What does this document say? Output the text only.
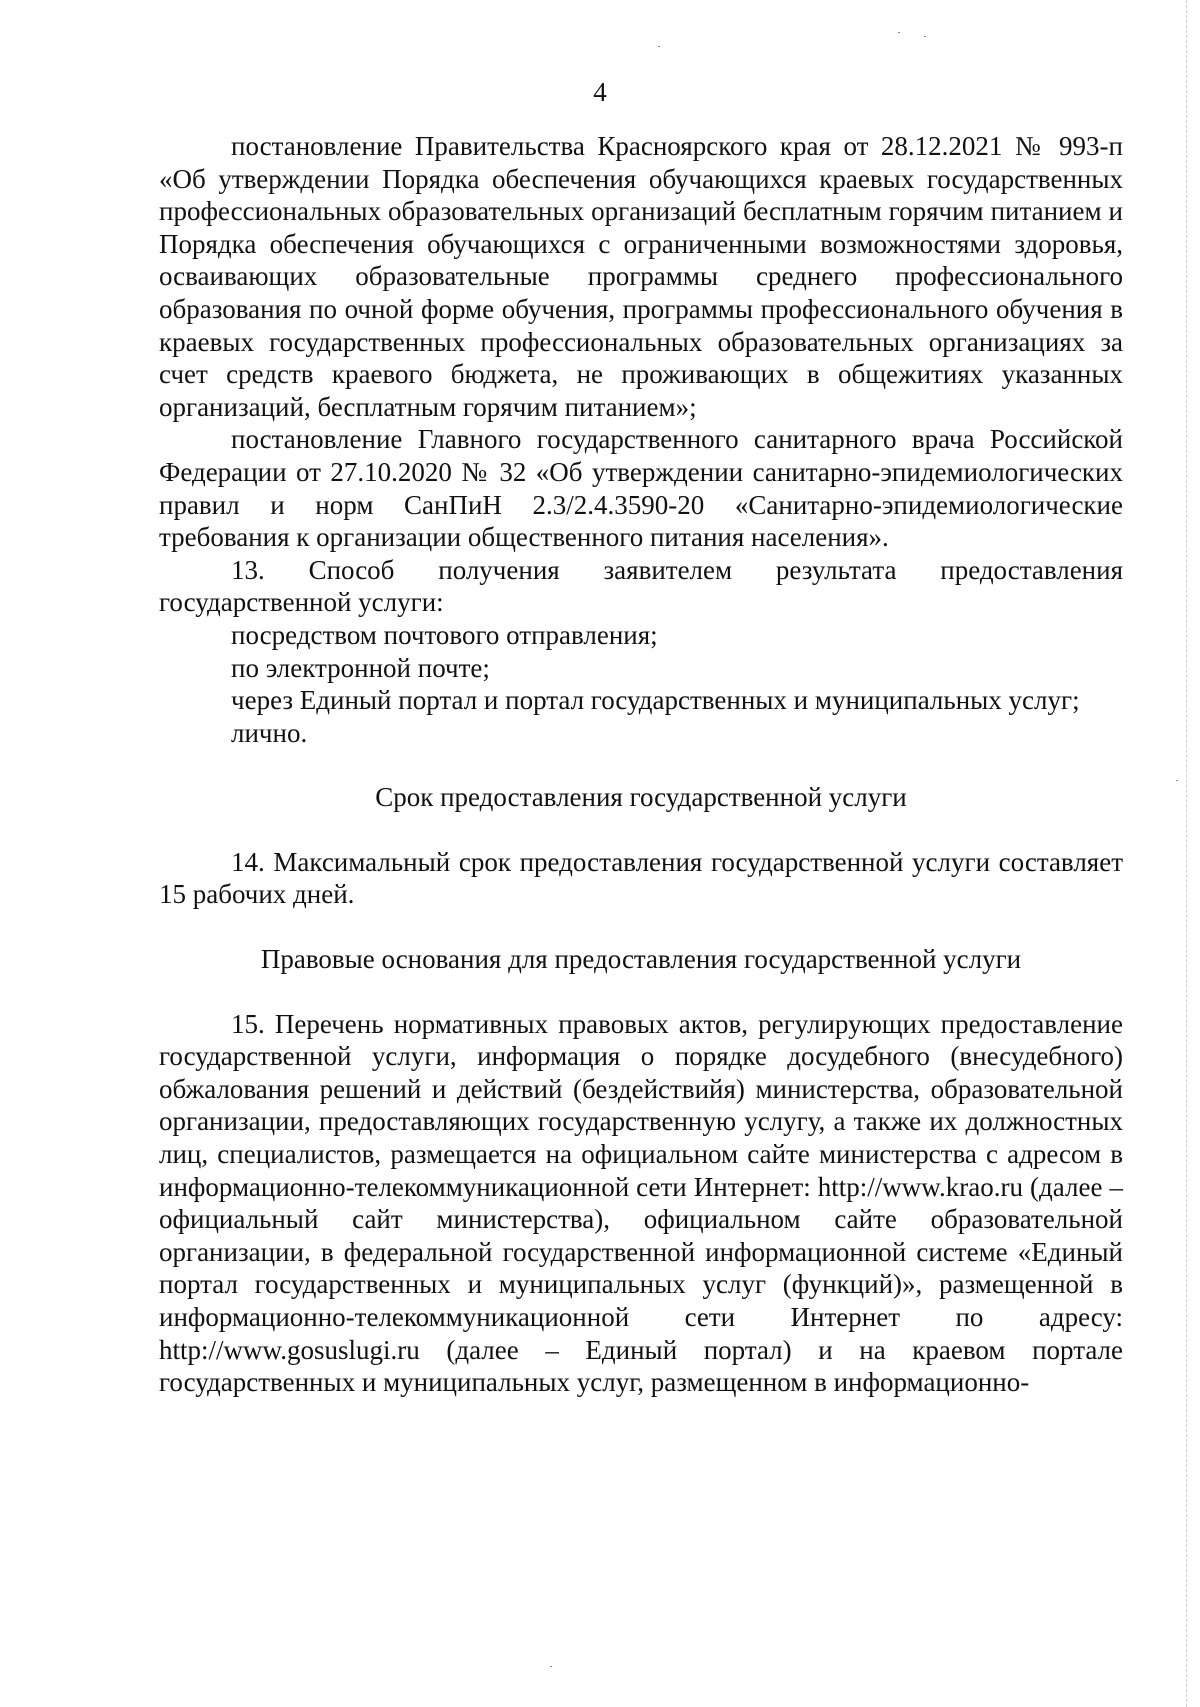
4

постановление Правительства Красноярского края от 28.12.2021 № 993-п «Об утверждении Порядка обеспечения обучающихся краевых государственных профессиональных образовательных организаций бесплатным горячим питанием и Порядка обеспечения обучающихся с ограниченными возможностями здоровья, осваивающих образовательные программы среднего профессионального образования по очной форме обучения, программы профессионального обучения в краевых государственных профессиональных образовательных организациях за счет средств краевого бюджета, не проживающих в общежитиях указанных организаций, бесплатным горячим питанием»;

постановление Главного государственного санитарного врача Российской Федерации от 27.10.2020 № 32 «Об утверждении санитарно-эпидемиологических правил и норм СанПиН 2.3/2.4.3590-20 «Санитарно-эпидемиологические требования к организации общественного питания населения».

13. Способ получения заявителем результата предоставления государственной услуги:

посредством почтового отправления;

по электронной почте;

через Единый портал и портал государственных и муниципальных услуг;

лично.

Срок предоставления государственной услуги

14. Максимальный срок предоставления государственной услуги составляет 15 рабочих дней.

Правовые основания для предоставления государственной услуги

15. Перечень нормативных правовых актов, регулирующих предоставление государственной услуги, информация о порядке досудебного (внесудебного) обжалования решений и действий (бездействийя) министерства, образовательной организации, предоставляющих государственную услугу, а также их должностных лиц, специалистов, размещается на официальном сайте министерства с адресом в информационно-телекоммуникационной сети Интернет: http://www.krao.ru (далее – официальный сайт министерства), официальном сайте образовательной организации, в федеральной государственной информационной системе «Единый портал государственных и муниципальных услуг (функций)», размещенной в информационно-телекоммуникационной сети Интернет по адресу: http://www.gosuslugi.ru (далее – Единый портал) и на краевом портале государственных и муниципальных услуг, размещенном в информационно-
